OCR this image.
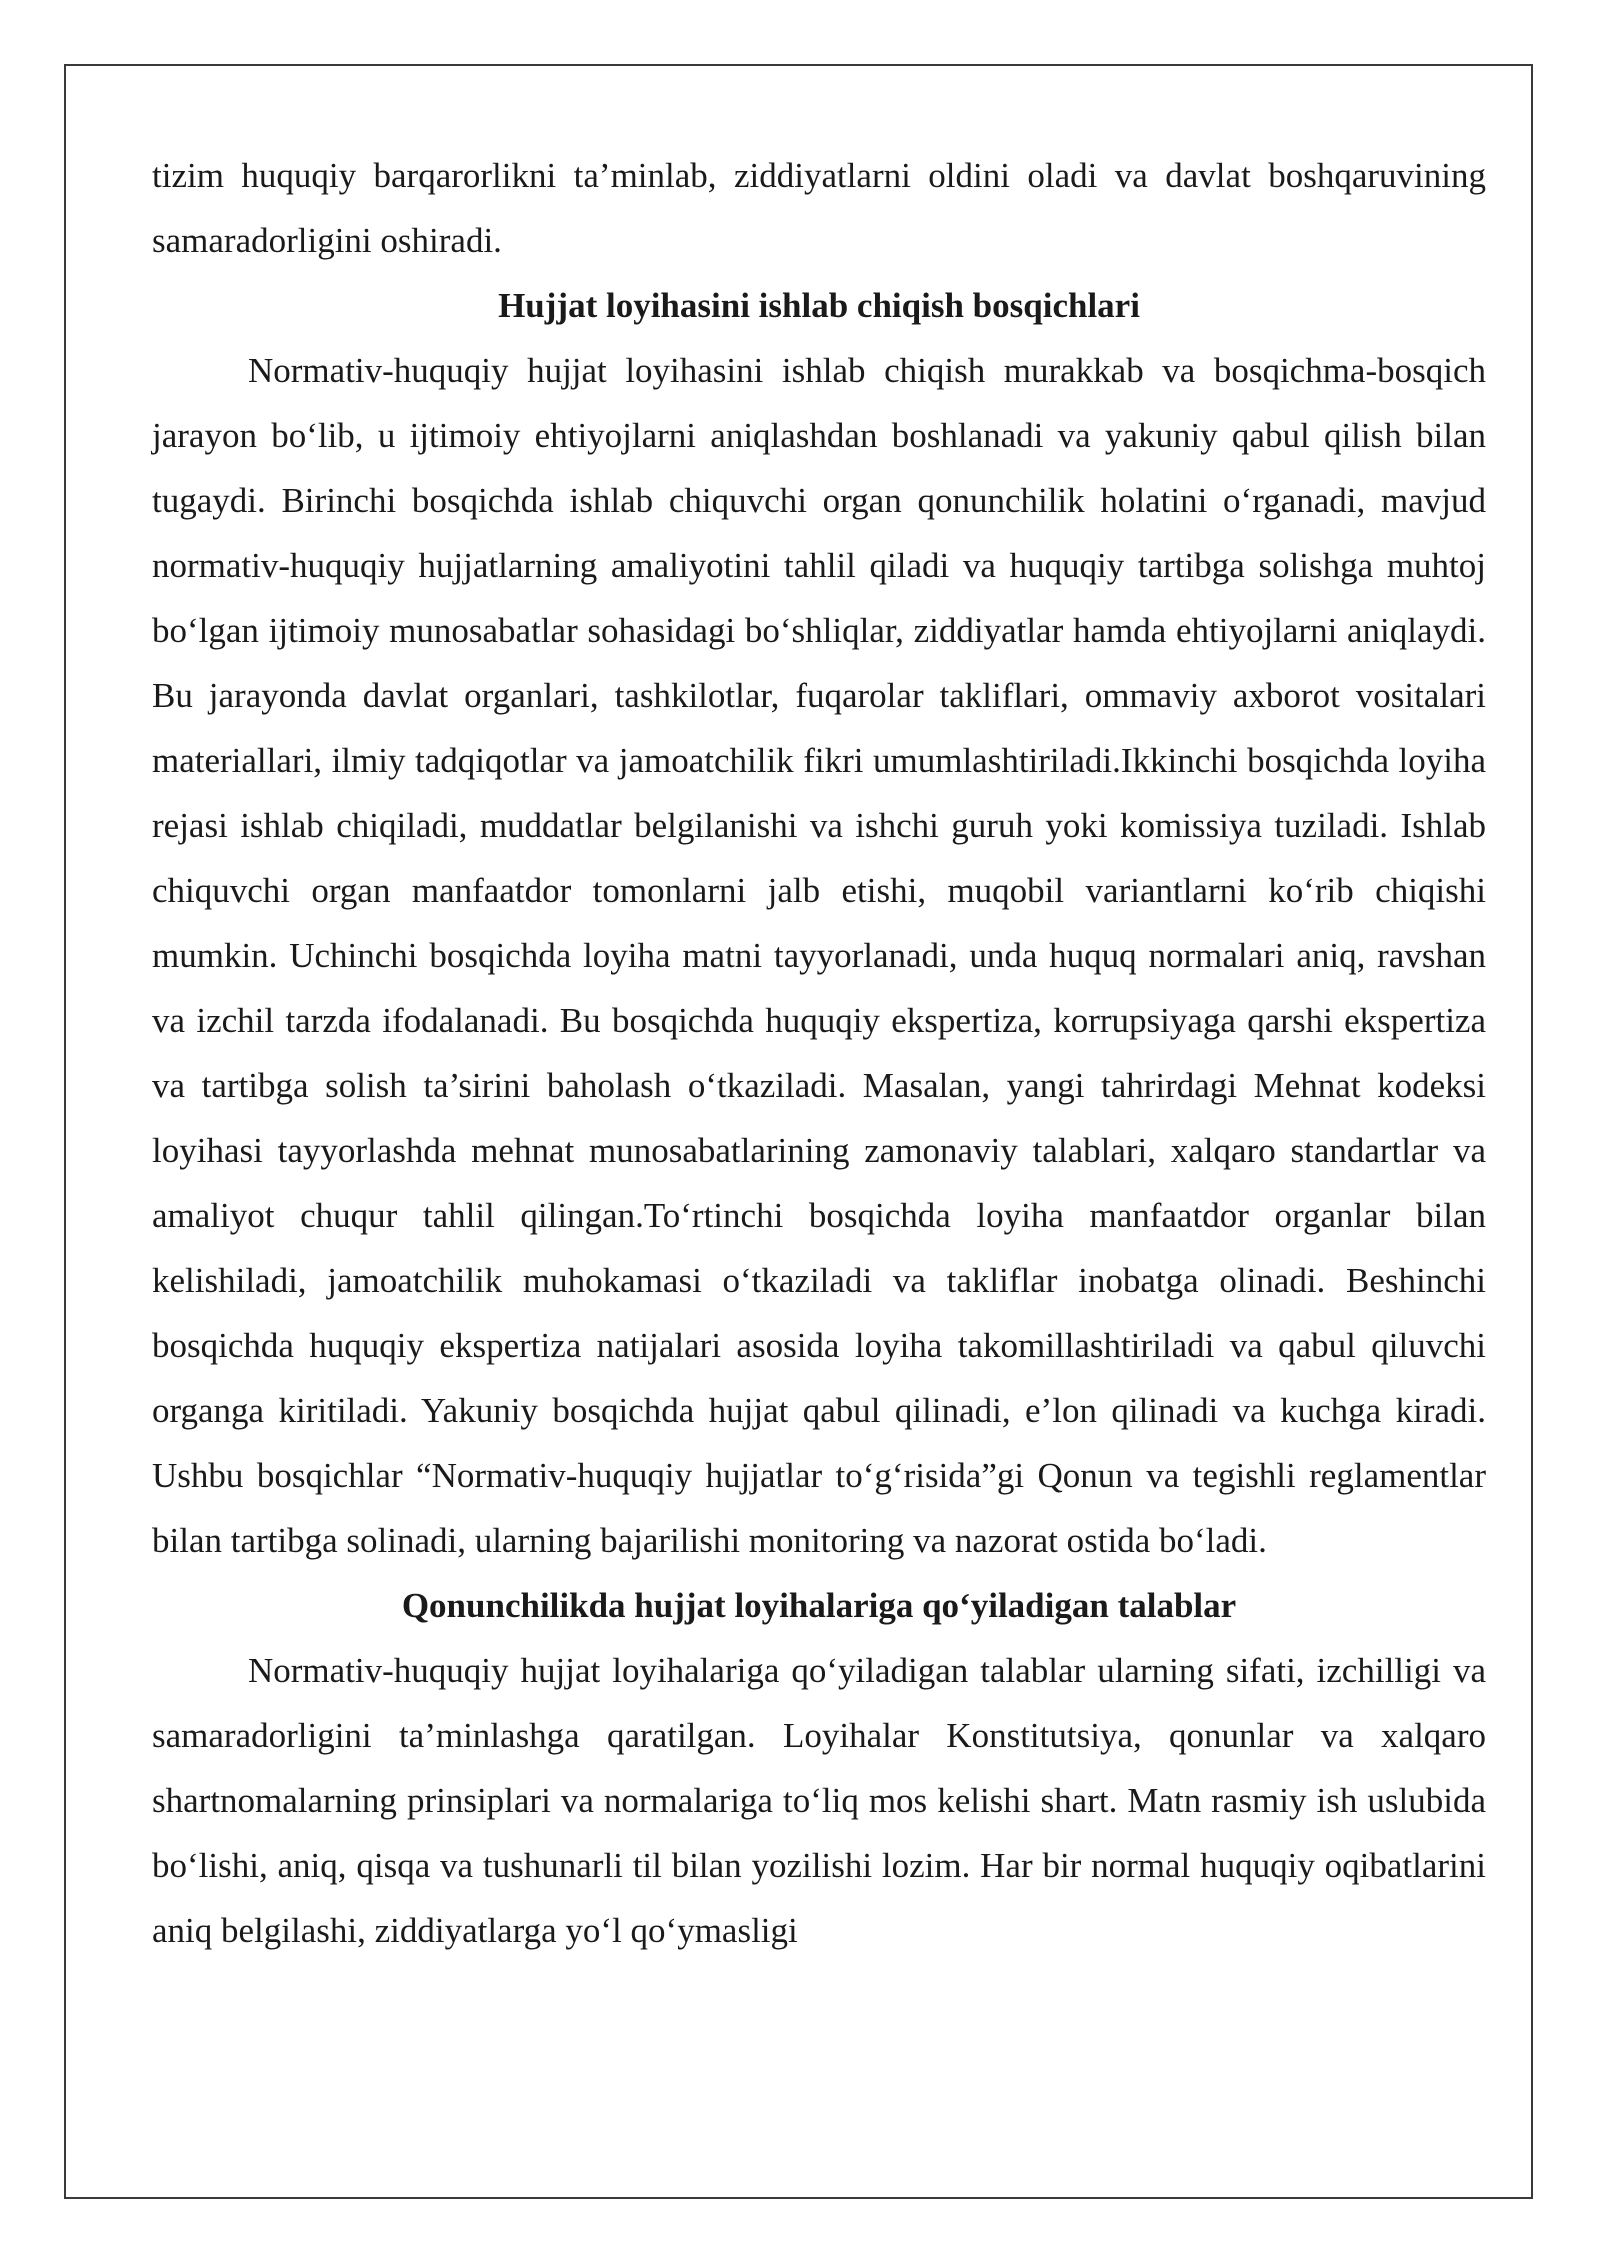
tizim huquqiy barqarorlikni ta’minlab, ziddiyatlarni oldini oladi va davlat boshqaruvining samaradorligini oshiradi.

Hujjat loyihasini ishlab chiqish bosqichlari

Normativ-huquqiy hujjat loyihasini ishlab chiqish murakkab va bosqichma-bosqich jarayon bo‘lib, u ijtimoiy ehtiyojlarni aniqlashdan boshlanadi va yakuniy qabul qilish bilan tugaydi. Birinchi bosqichda ishlab chiquvchi organ qonunchilik holatini o‘rganadi, mavjud normativ-huquqiy hujjatlarning amaliyotini tahlil qiladi va huquqiy tartibga solishga muhtoj bo‘lgan ijtimoiy munosabatlar sohasidagi bo‘shliqlar, ziddiyatlar hamda ehtiyojlarni aniqlaydi. Bu jarayonda davlat organlari, tashkilotlar, fuqarolar takliflari, ommaviy axborot vositalari materiallari, ilmiy tadqiqotlar va jamoatchilik fikri umumlashtiriladi.Ikkinchi bosqichda loyiha rejasi ishlab chiqiladi, muddatlar belgilanishi va ishchi guruh yoki komissiya tuziladi. Ishlab chiquvchi organ manfaatdor tomonlarni jalb etishi, muqobil variantlarni ko‘rib chiqishi mumkin. Uchinchi bosqichda loyiha matni tayyorlanadi, unda huquq normalari aniq, ravshan va izchil tarzda ifodalanadi. Bu bosqichda huquqiy ekspertiza, korrupsiyaga qarshi ekspertiza va tartibga solish ta’sirini baholash o‘tkaziladi. Masalan, yangi tahrirdagi Mehnat kodeksi loyihasi tayyorlashda mehnat munosabatlarining zamonaviy talablari, xalqaro standartlar va amaliyot chuqur tahlil qilingan.To‘rtinchi bosqichda loyiha manfaatdor organlar bilan kelishiladi, jamoatchilik muhokamasi o‘tkaziladi va takliflar inobatga olinadi. Beshinchi bosqichda huquqiy ekspertiza natijalari asosida loyiha takomillashtiriladi va qabul qiluvchi organga kiritiladi. Yakuniy bosqichda hujjat qabul qilinadi, e’lon qilinadi va kuchga kiradi. Ushbu bosqichlar “Normativ-huquqiy hujjatlar to‘g‘risida”gi Qonun va tegishli reglamentlar bilan tartibga solinadi, ularning bajarilishi monitoring va nazorat ostida bo‘ladi.

Qonunchilikda hujjat loyihalariga qo‘yiladigan talablar

Normativ-huquqiy hujjat loyihalariga qo‘yiladigan talablar ularning sifati, izchilligi va samaradorligini ta’minlashga qaratilgan. Loyihalar Konstitutsiya, qonunlar va xalqaro shartnomalarning prinsiplari va normalariga to‘liq mos kelishi shart. Matn rasmiy ish uslubida bo‘lishi, aniq, qisqa va tushunarli til bilan yozilishi lozim. Har bir normal huquqiy oqibatlarini aniq belgilashi, ziddiyatlarga yo‘l qo‘ymasligi
